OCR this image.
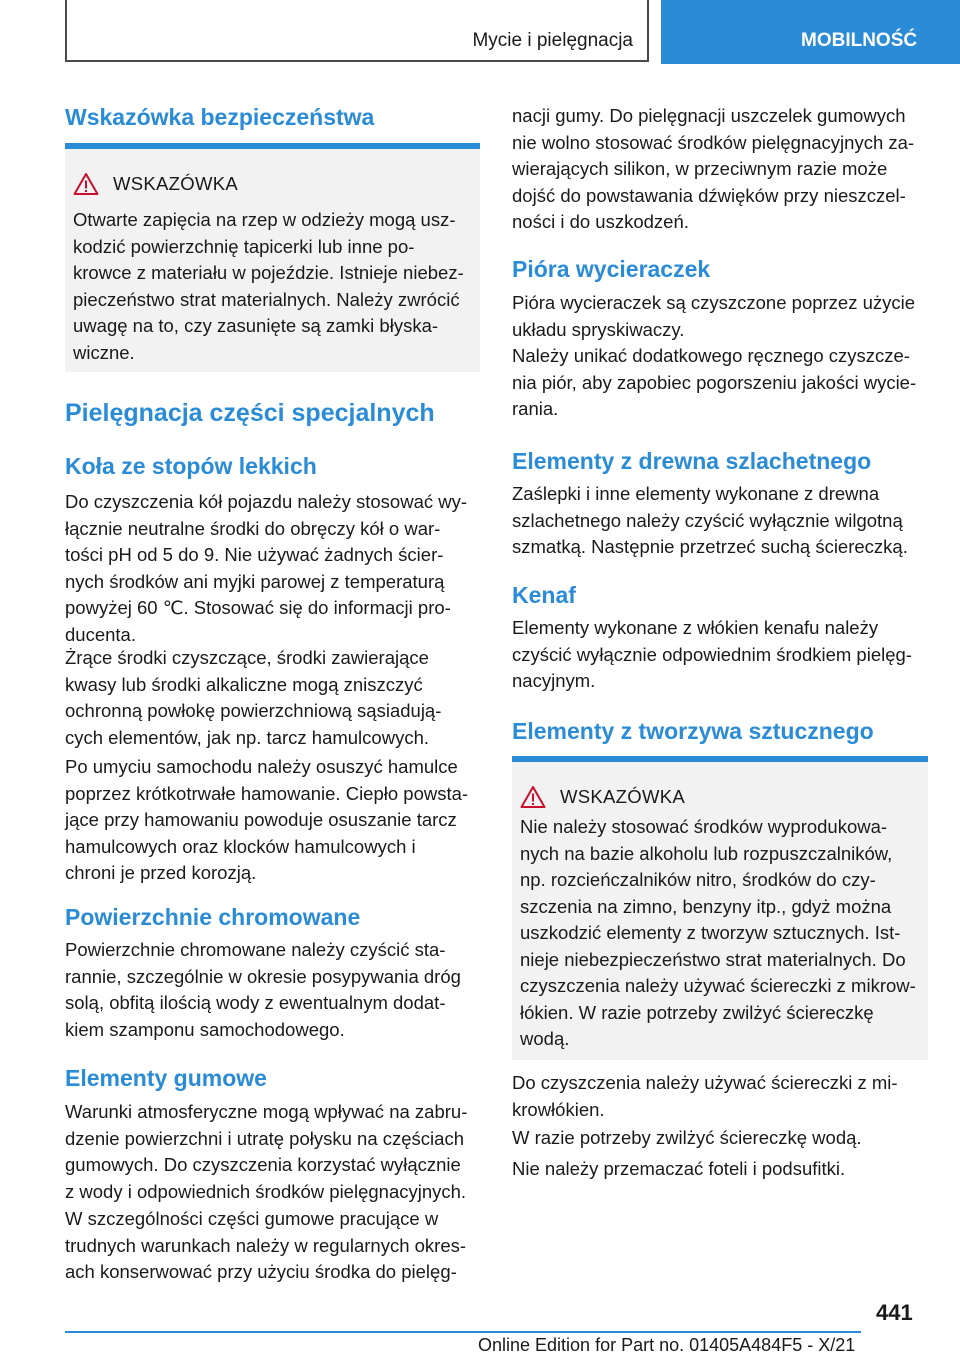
Mycie i pielęgnacja	MOBILNOŚĆ
Wskazówka bezpieczeństwa
WSKAZÓWKA
Otwarte zapięcia na rzep w odzieży mogą usz-
kodzić powierzchnię tapicerki lub inne po-
krowce z materiału w pojeździe. Istnieje niebez-
pieczeństwo strat materialnych. Należy zwrócić
uwagę na to, czy zasunięte są zamki błyska-
wiczne.
Pielęgnacja części specjalnych
Koła ze stopów lekkich
Do czyszczenia kół pojazdu należy stosować wy-
łącznie neutralne środki do obręczy kół o war-
tości pH od 5 do 9. Nie używać żadnych ścier-
nych środków ani myjki parowej z temperaturą
powyżej 60 ℃. Stosować się do informacji pro-
ducenta.
Żrące środki czyszczące, środki zawierające
kwasy lub środki alkaliczne mogą zniszczyć
ochronną powłokę powierzchniową sąsiadują-
cych elementów, jak np. tarcz hamulcowych.
Po umyciu samochodu należy osuszyć hamulce
poprzez krótkotrwałe hamowanie. Ciepło powsta-
jące przy hamowaniu powoduje osuszanie tarcz
hamulcowych oraz klocków hamulcowych i
chroni je przed korozją.
Powierzchnie chromowane
Powierzchnie chromowane należy czyścić sta-
rannie, szczególnie w okresie posypywania dróg
solą, obfitą ilością wody z ewentualnym dodat-
kiem szamponu samochodowego.
Elementy gumowe
Warunki atmosferyczne mogą wpływać na zabru-
dzenie powierzchni i utratę połysku na częściach
gumowych. Do czyszczenia korzystać wyłącznie
z wody i odpowiednich środków pielęgnacyjnych.
W szczególności części gumowe pracujące w
trudnych warunkach należy w regularnych okres-
ach konserwować przy użyciu środka do pielęg-
nacji gumy. Do pielęgnacji uszczelek gumowych
nie wolno stosować środków pielęgnacyjnych za-
wierających silikon, w przeciwnym razie może
dojść do powstawania dźwięków przy nieszczel-
ności i do uszkodzeń.
Pióra wycieraczek
Pióra wycieraczek są czyszczone poprzez użycie
układu spryskiwaczy.
Należy unikać dodatkowego ręcznego czyszcze-
nia piór, aby zapobiec pogorszeniu jakości wycie-
rania.
Elementy z drewna szlachetnego
Zaślepki i inne elementy wykonane z drewna
szlachetnego należy czyścić wyłącznie wilgotną
szmatką. Następnie przetrzeć suchą ściereczką.
Kenaf
Elementy wykonane z włókien kenafu należy
czyścić wyłącznie odpowiednim środkiem pielęg-
nacyjnym.
Elementy z tworzywa sztucznego
WSKAZÓWKA
Nie należy stosować środków wyprodukowa-
nych na bazie alkoholu lub rozpuszczalników,
np. rozcieńczalników nitro, środków do czy-
szczenia na zimno, benzyny itp., gdyż można
uszkodzić elementy z tworzyw sztucznych. Ist-
nieje niebezpieczeństwo strat materialnych. Do
czyszczenia należy używać ściereczki z mikrow-
łókien. W razie potrzeby zwilżyć ściereczkę
wodą.
Do czyszczenia należy używać ściereczki z mi-
krowłókien.
W razie potrzeby zwilżyć ściereczkę wodą.
Nie należy przemaczać foteli i podsufitki.
441
Online Edition for Part no. 01405A484F5 - X/21
